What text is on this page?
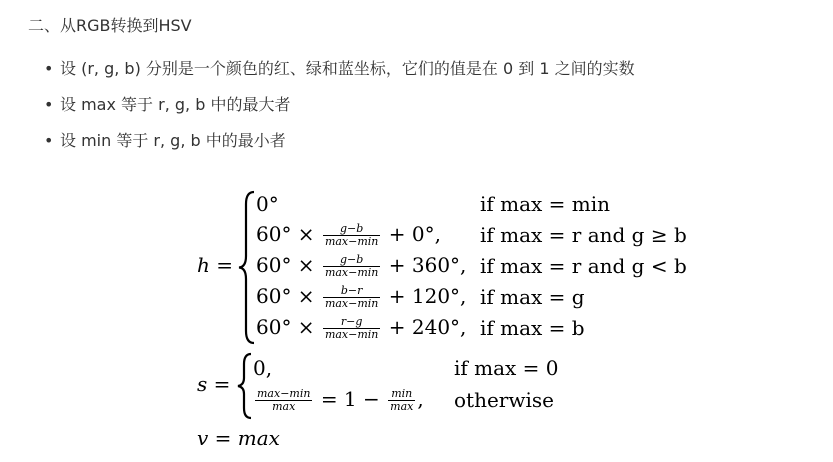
二、从RGB转换到HSV
• 设 (r, g, b) 分别是一个颜色的红、绿和蓝坐标，它们的值是在 0 到 1 之间的实数
• 设 max 等于 r, g, b 中的最大者
• 设 min 等于 r, g, b 中的最小者
h =
0°	if max = min
$60^\circ \times \frac{g-b}{\max-\min} + 0^\circ$, if max = r and g ≥ b
$60^\circ \times \frac{g-b}{\max-\min} + 360^\circ$, if max = r and g < b
$60^\circ \times \frac{b-r}{\max-\min} + 120^\circ$, if max = g
$60^\circ \times \frac{r-g}{\max-\min} + 240^\circ$, if max = b
s =
0,	if max = 0
$\frac{\max-\min}{\max} = 1 - \frac{\min}{\max}$ , otherwise
v = max
